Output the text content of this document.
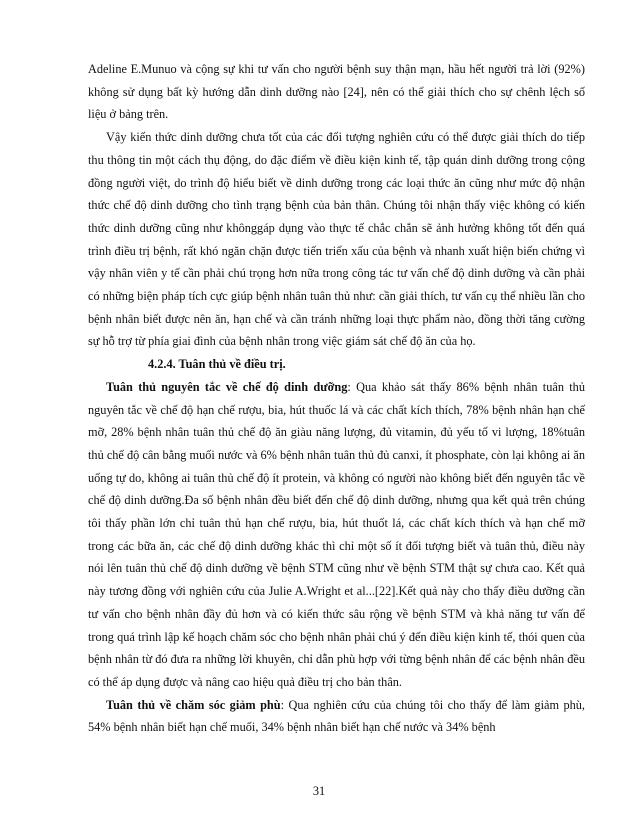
Adeline E.Munuo và cộng sự khi tư vấn cho người bệnh suy thận mạn, hầu hết người trả lời (92%) không sử dụng bất kỳ hướng dẫn dinh dưỡng nào [24], nên có thể giải thích cho sự chênh lệch số liệu ở bảng trên.

Vậy kiến thức dinh dưỡng chưa tốt của các đối tượng nghiên cứu có thể được giải thích do tiếp thu thông tin một cách thụ động, do đặc điểm về điều kiện kinh tế, tập quán dinh dưỡng trong cộng đồng người việt, do trình độ hiểu biết về dinh dưỡng trong các loại thức ăn cũng như mức độ nhận thức chế độ dinh dưỡng cho tình trạng bệnh của bản thân. Chúng tôi nhận thấy việc không có kiến thức dinh dưỡng cũng như khônggáp dụng vào thực tế chắc chắn sẽ ảnh hưởng không tốt đến quá trình điều trị bệnh, rất khó ngăn chặn được tiến triển xấu của bệnh và nhanh xuất hiện biến chứng vì vậy nhân viên y tế cần phải chú trọng hơn nữa trong công tác tư vấn chế độ dinh dưỡng và cần phải có những biện pháp tích cực giúp bệnh nhân tuân thủ như: cần giải thích, tư vấn cụ thể nhiều lần cho bệnh nhân biết được nên ăn, hạn chế và cần tránh những loại thực phẩm nào, đồng thời tăng cường sự hỗ trợ từ phía giai đình của bệnh nhân trong việc giám sát chế độ ăn của họ.

4.2.4. Tuân thủ về điều trị.

Tuân thủ nguyên tắc về chế độ dinh dưỡng: Qua khảo sát thấy 86% bệnh nhân tuân thủ nguyên tắc về chế độ hạn chế rượu, bia, hút thuốc lá và các chất kích thích, 78% bệnh nhân hạn chế mỡ, 28% bệnh nhân tuân thủ chế độ ăn giàu năng lượng, đủ vitamin, đủ yếu tố vi lượng, 18%tuân thủ chế độ cân bằng muối nước và 6% bệnh nhân tuân thủ đủ canxi, ít phosphate, còn lại không ai ăn uống tự do, không ai tuân thủ chế độ ít protein, và không có người nào không biết đến nguyên tắc về chế độ dinh dưỡng.Đa số bệnh nhân đều biết đến chế độ dinh dưỡng, nhưng qua kết quả trên chúng tôi thấy phần lớn chỉ tuân thủ hạn chế rượu, bia, hút thuốt lá, các chất kích thích và hạn chế mỡ trong các bữa ăn, các chế độ dinh dưỡng khác thì chỉ một số ít đối tượng biết và tuân thủ, điều này nói lên tuân thủ chế độ dinh dưỡng về bệnh STM cũng như về bệnh STM thật sự chưa cao. Kết quả này tương đồng với nghiên cứu của Julie A.Wright et al...[22].Kết quả này cho thấy điều dưỡng cần tư vấn cho bệnh nhân đầy đủ hơn và có kiến thức sâu rộng về bệnh STM và khả năng tư vấn để trong quá trình lập kế hoạch chăm sóc cho bệnh nhân phải chú ý đến điều kiện kinh tế, thói quen của bệnh nhân từ đó đưa ra những lời khuyên, chỉ dẫn phù hợp với từng bệnh nhân để các bệnh nhân đều có thể áp dụng được và nâng cao hiệu quả điều trị cho bản thân.

Tuân thủ về chăm sóc giảm phù: Qua nghiên cứu của chúng tôi cho thấy để làm giảm phù, 54% bệnh nhân biết hạn chế muối, 34% bệnh nhân biết hạn chế nước và 34% bệnh

31
